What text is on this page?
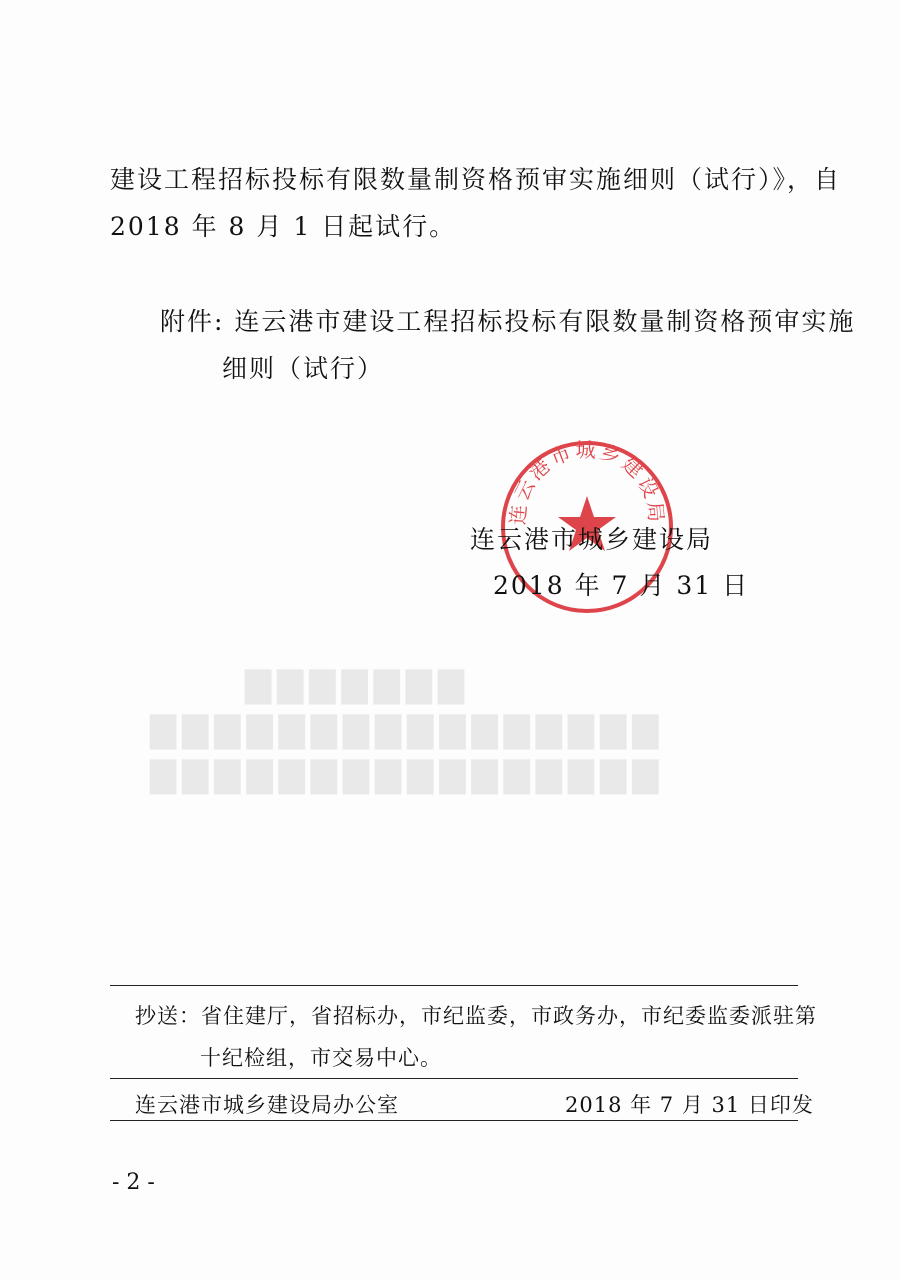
▇▇▇▇▇▇▇
▇▇▇▇▇▇▇▇▇▇▇▇▇▇▇▇
▇▇▇▇▇▇▇▇▇▇▇▇▇▇▇▇
建设工程招标投标有限数量制资格预审实施细则（试行）》，自
2018 年 8 月 1 日起试行。
附件: 连云港市建设工程招标投标有限数量制资格预审实施
细则（试行）
连云港市城乡建设局
连云港市城乡建设局
2018 年 7 月 31 日
抄送：省住建厅，省招标办，市纪监委，市政务办，市纪委监委派驻第
十纪检组，市交易中心。
连云港市城乡建设局办公室	2018 年 7 月 31 日印发
- 2 -
